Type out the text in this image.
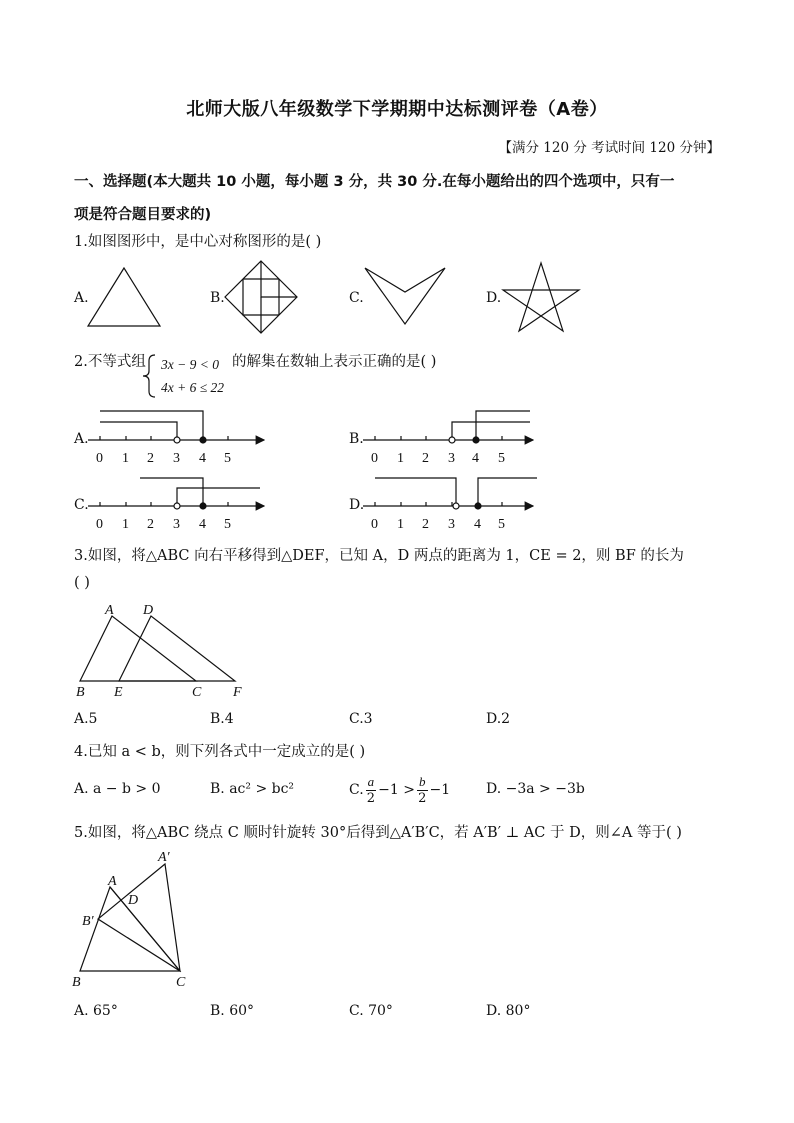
北师大版八年级数学下学期期中达标测评卷（A卷）
【满分 120 分 考试时间 120 分钟】
一、选择题(本大题共 10 小题，每小题 3 分，共 30 分.在每小题给出的四个选项中，只有一
项是符合题目要求的)
1.如图图形中，是中心对称图形的是( )
A.	B.	C.	D.
2.不等式组 3x − 9 < 0
4x + 6 ≤ 22
的解集在数轴上表示正确的是( )
A.	B.
C.	D.
0 1 2 3 4 5	0 1 2 3 4 5
0 1 2 3 4 5	0 1 2 3 4 5
3.如图，将△ABC 向右平移得到△DEF，已知 A，D 两点的距离为 1，CE = 2，则 BF 的长为
( )
A D
B E	C F
A.5	B.4	C.3	D.2
4.已知 a < b，则下列各式中一定成立的是( )
A. a − b > 0	B. ac² > bc²	C. $\frac{a}{2} -1 > \frac{b}{2} -1$	D. −3a > −3b
5.如图，将△ABC 绕点 C 顺时针旋转 30°后得到△A′B′C，若 A′B′ ⊥ AC 于 D，则∠A 等于( )
A′
A
D
B′
B	C
A. 65°	B. 60°	C. 70°	D. 80°
